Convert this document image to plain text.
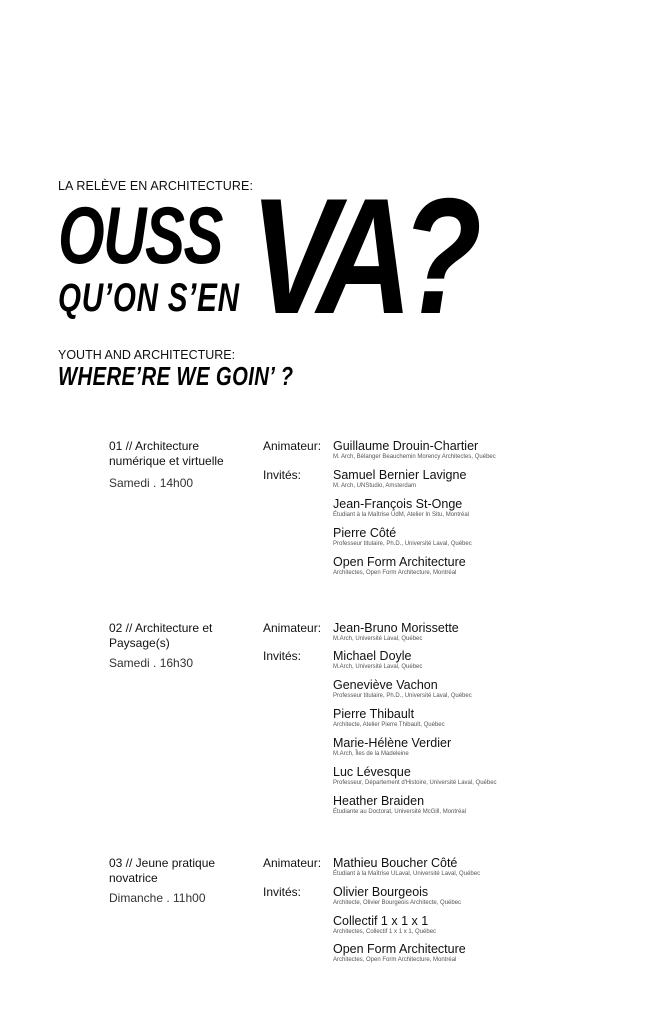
LA RELÈVE EN ARCHITECTURE:
OUSS
QU’ON S’EN VA?
YOUTH AND ARCHITECTURE:
WHERE’RE WE GOIN’ ?
01 // Architecture numérique et virtuelle
Samedi . 14h00
Animateur: Guillaume Drouin-Chartier
M. Arch, Bélanger Beauchemin Morency Architectes, Québec
Invités:	Samuel Bernier Lavigne
M. Arch, UNStudio, Amsterdam
Jean-François St-Onge
Étudiant à la Maîtrise UdM, Atelier In Situ, Montréal
Pierre Côté
Professeur titulaire, Ph.D., Université Laval, Québec
Open Form Architecture
Architectes, Open Form Architecture, Montréal
02 // Architecture et Paysage(s)
Samedi . 16h30
Animateur: Jean-Bruno Morissette
M.Arch, Université Laval, Québec
Invités:	Michael Doyle
M.Arch, Université Laval, Québec
Geneviève Vachon
Professeur titulaire, Ph.D., Université Laval, Québec
Pierre Thibault
Architecte, Atelier Pierre Thibault, Québec
Marie-Hélène Verdier
M.Arch, Îles de la Madeleine
Luc Lévesque
Professeur, Département d'Histoire, Université Laval, Québec
Heather Braiden
Étudiante au Doctorat, Université McGill, Montréal
03 // Jeune pratique novatrice
Dimanche . 11h00
Animateur: Mathieu Boucher Côté
Étudiant à la Maîtrise ULaval, Université Laval, Québec
Invités:	Olivier Bourgeois
Architecte, Olivier Bourgeois Architecte, Québec
Collectif 1 x 1 x 1
Architectes, Collectif 1 x 1 x 1, Québec
Open Form Architecture
Architectes, Open Form Architecture, Montréal
